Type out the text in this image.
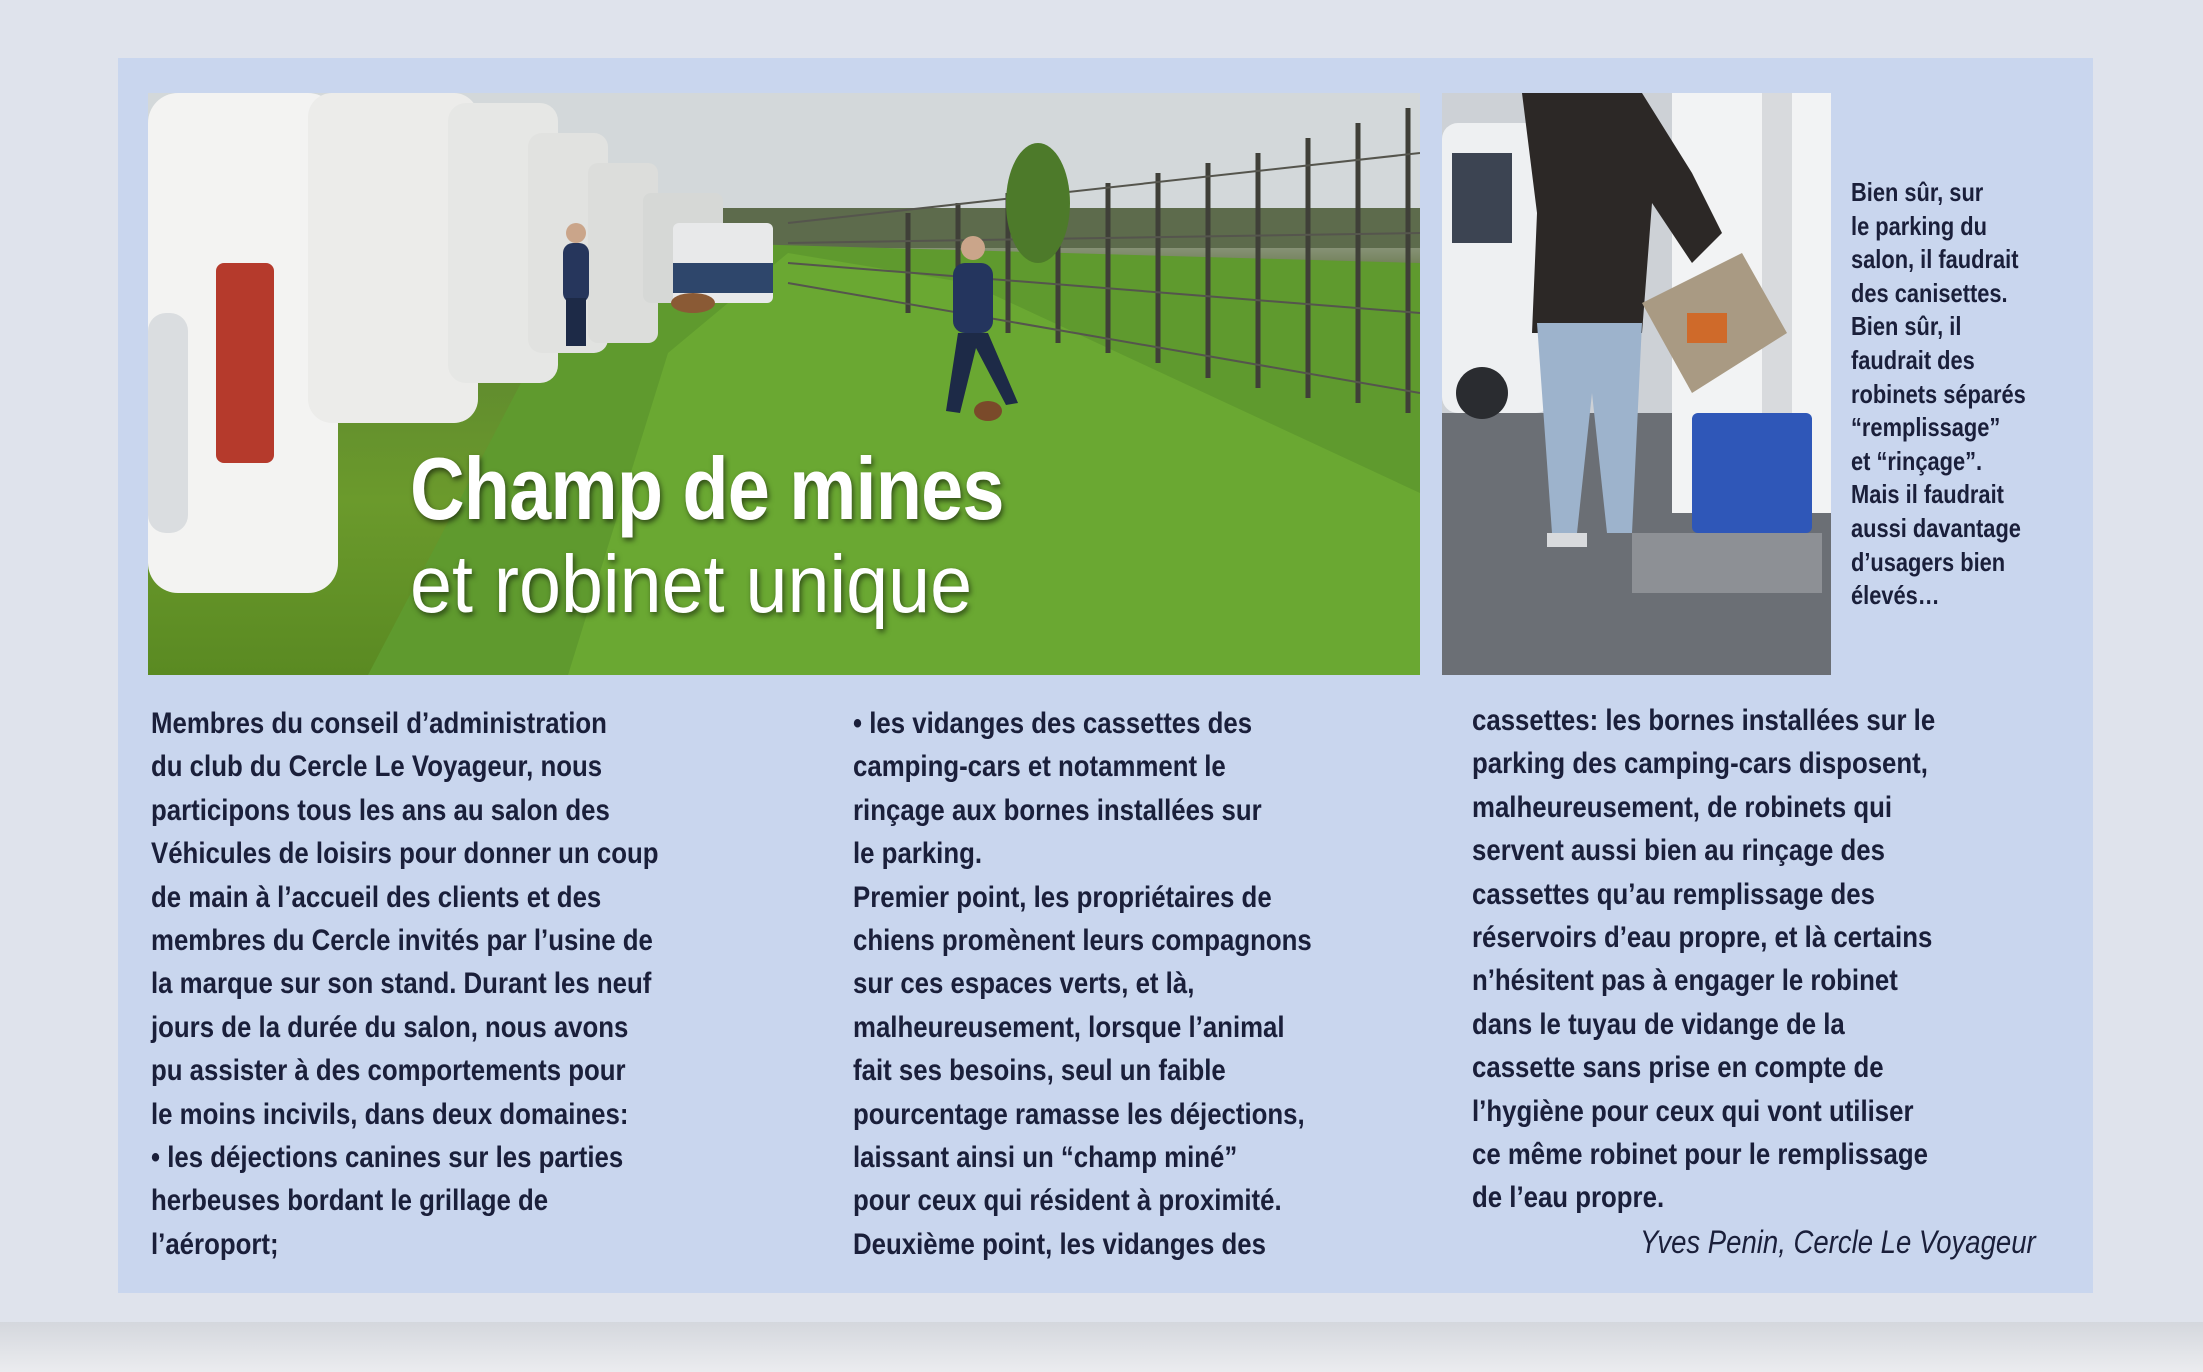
Champ de mines
et robinet unique
Bien sûr, sur
le parking du
salon, il faudrait
des canisettes.
Bien sûr, il
faudrait des
robinets séparés
“remplissage”
et “rinçage”.
Mais il faudrait
aussi davantage
d’usagers bien
élevés…
Membres du conseil d’administration
du club du Cercle Le Voyageur, nous
participons tous les ans au salon des
Véhicules de loisirs pour donner un coup
de main à l’accueil des clients et des
membres du Cercle invités par l’usine de
la marque sur son stand. Durant les neuf
jours de la durée du salon, nous avons
pu assister à des comportements pour
le moins incivils, dans deux domaines:
• les déjections canines sur les parties
herbeuses bordant le grillage de
l’aéroport;
• les vidanges des cassettes des
camping-cars et notamment le
rinçage aux bornes installées sur
le parking.
Premier point, les propriétaires de
chiens promènent leurs compagnons
sur ces espaces verts, et là,
malheureusement, lorsque l’animal
fait ses besoins, seul un faible
pourcentage ramasse les déjections,
laissant ainsi un “champ miné”
pour ceux qui résident à proximité.
Deuxième point, les vidanges des
cassettes: les bornes installées sur le
parking des camping-cars disposent,
malheureusement, de robinets qui
servent aussi bien au rinçage des
cassettes qu’au remplissage des
réservoirs d’eau propre, et là certains
n’hésitent pas à engager le robinet
dans le tuyau de vidange de la
cassette sans prise en compte de
l’hygiène pour ceux qui vont utiliser
ce même robinet pour le remplissage
de l’eau propre.
Yves Penin, Cercle Le Voyageur
